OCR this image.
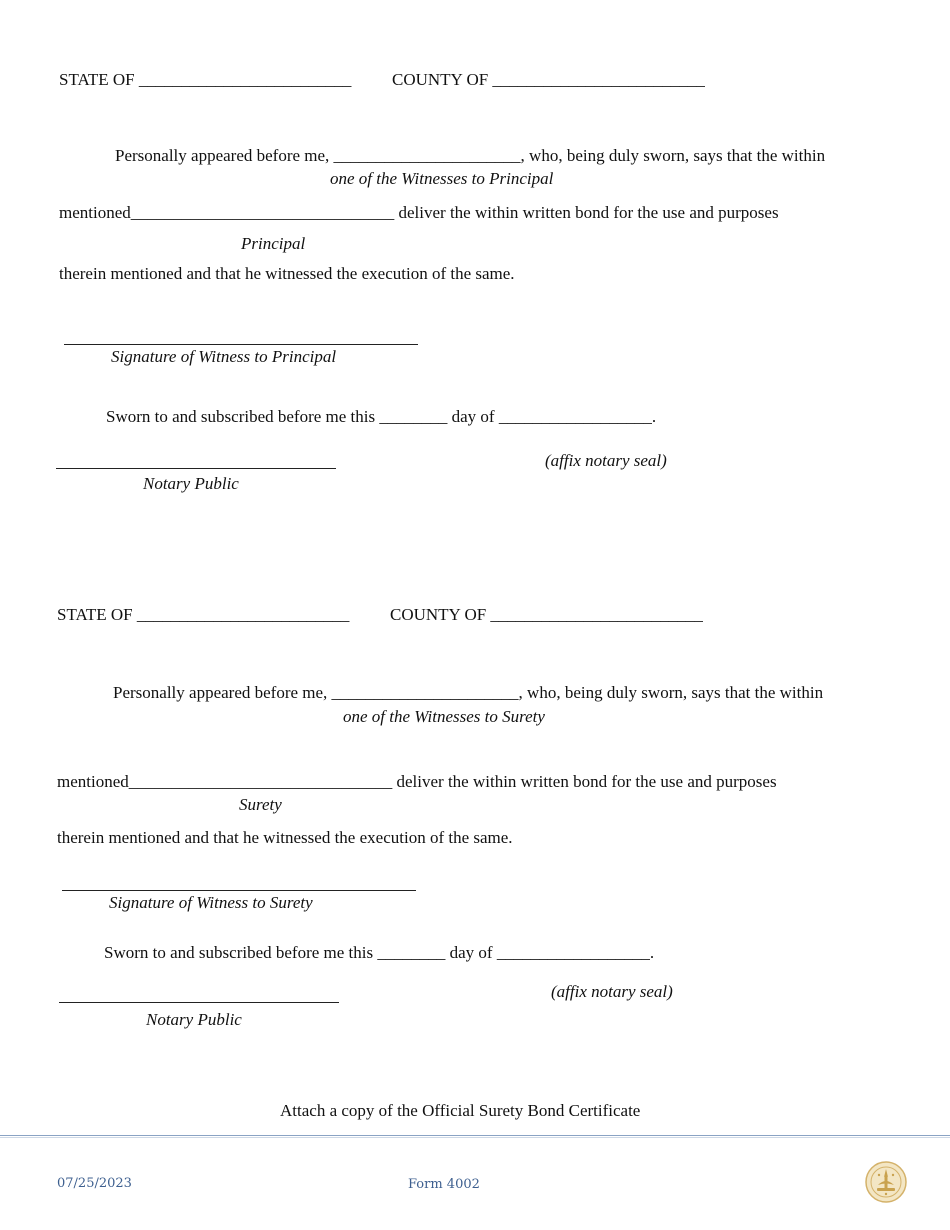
STATE OF _________________________ COUNTY OF _________________________
Personally appeared before me, ______________________, who, being duly sworn, says that the within
one of the Witnesses to Principal
mentioned_______________________________ deliver the within written bond for the use and purposes
Principal
therein mentioned and that he witnessed the execution of the same.
Signature of Witness to Principal
Sworn to and subscribed before me this ________ day of __________________.
(affix notary seal)
Notary Public
STATE OF _________________________ COUNTY OF _________________________
Personally appeared before me, ______________________, who, being duly sworn, says that the within
one of the Witnesses to Surety
mentioned_______________________________ deliver the within written bond for the use and purposes
Surety
therein mentioned and that he witnessed the execution of the same.
Signature of Witness to Surety
Sworn to and subscribed before me this ________ day of __________________.
(affix notary seal)
Notary Public
Attach a copy of the Official Surety Bond Certificate
07/25/2023	Form 4002
